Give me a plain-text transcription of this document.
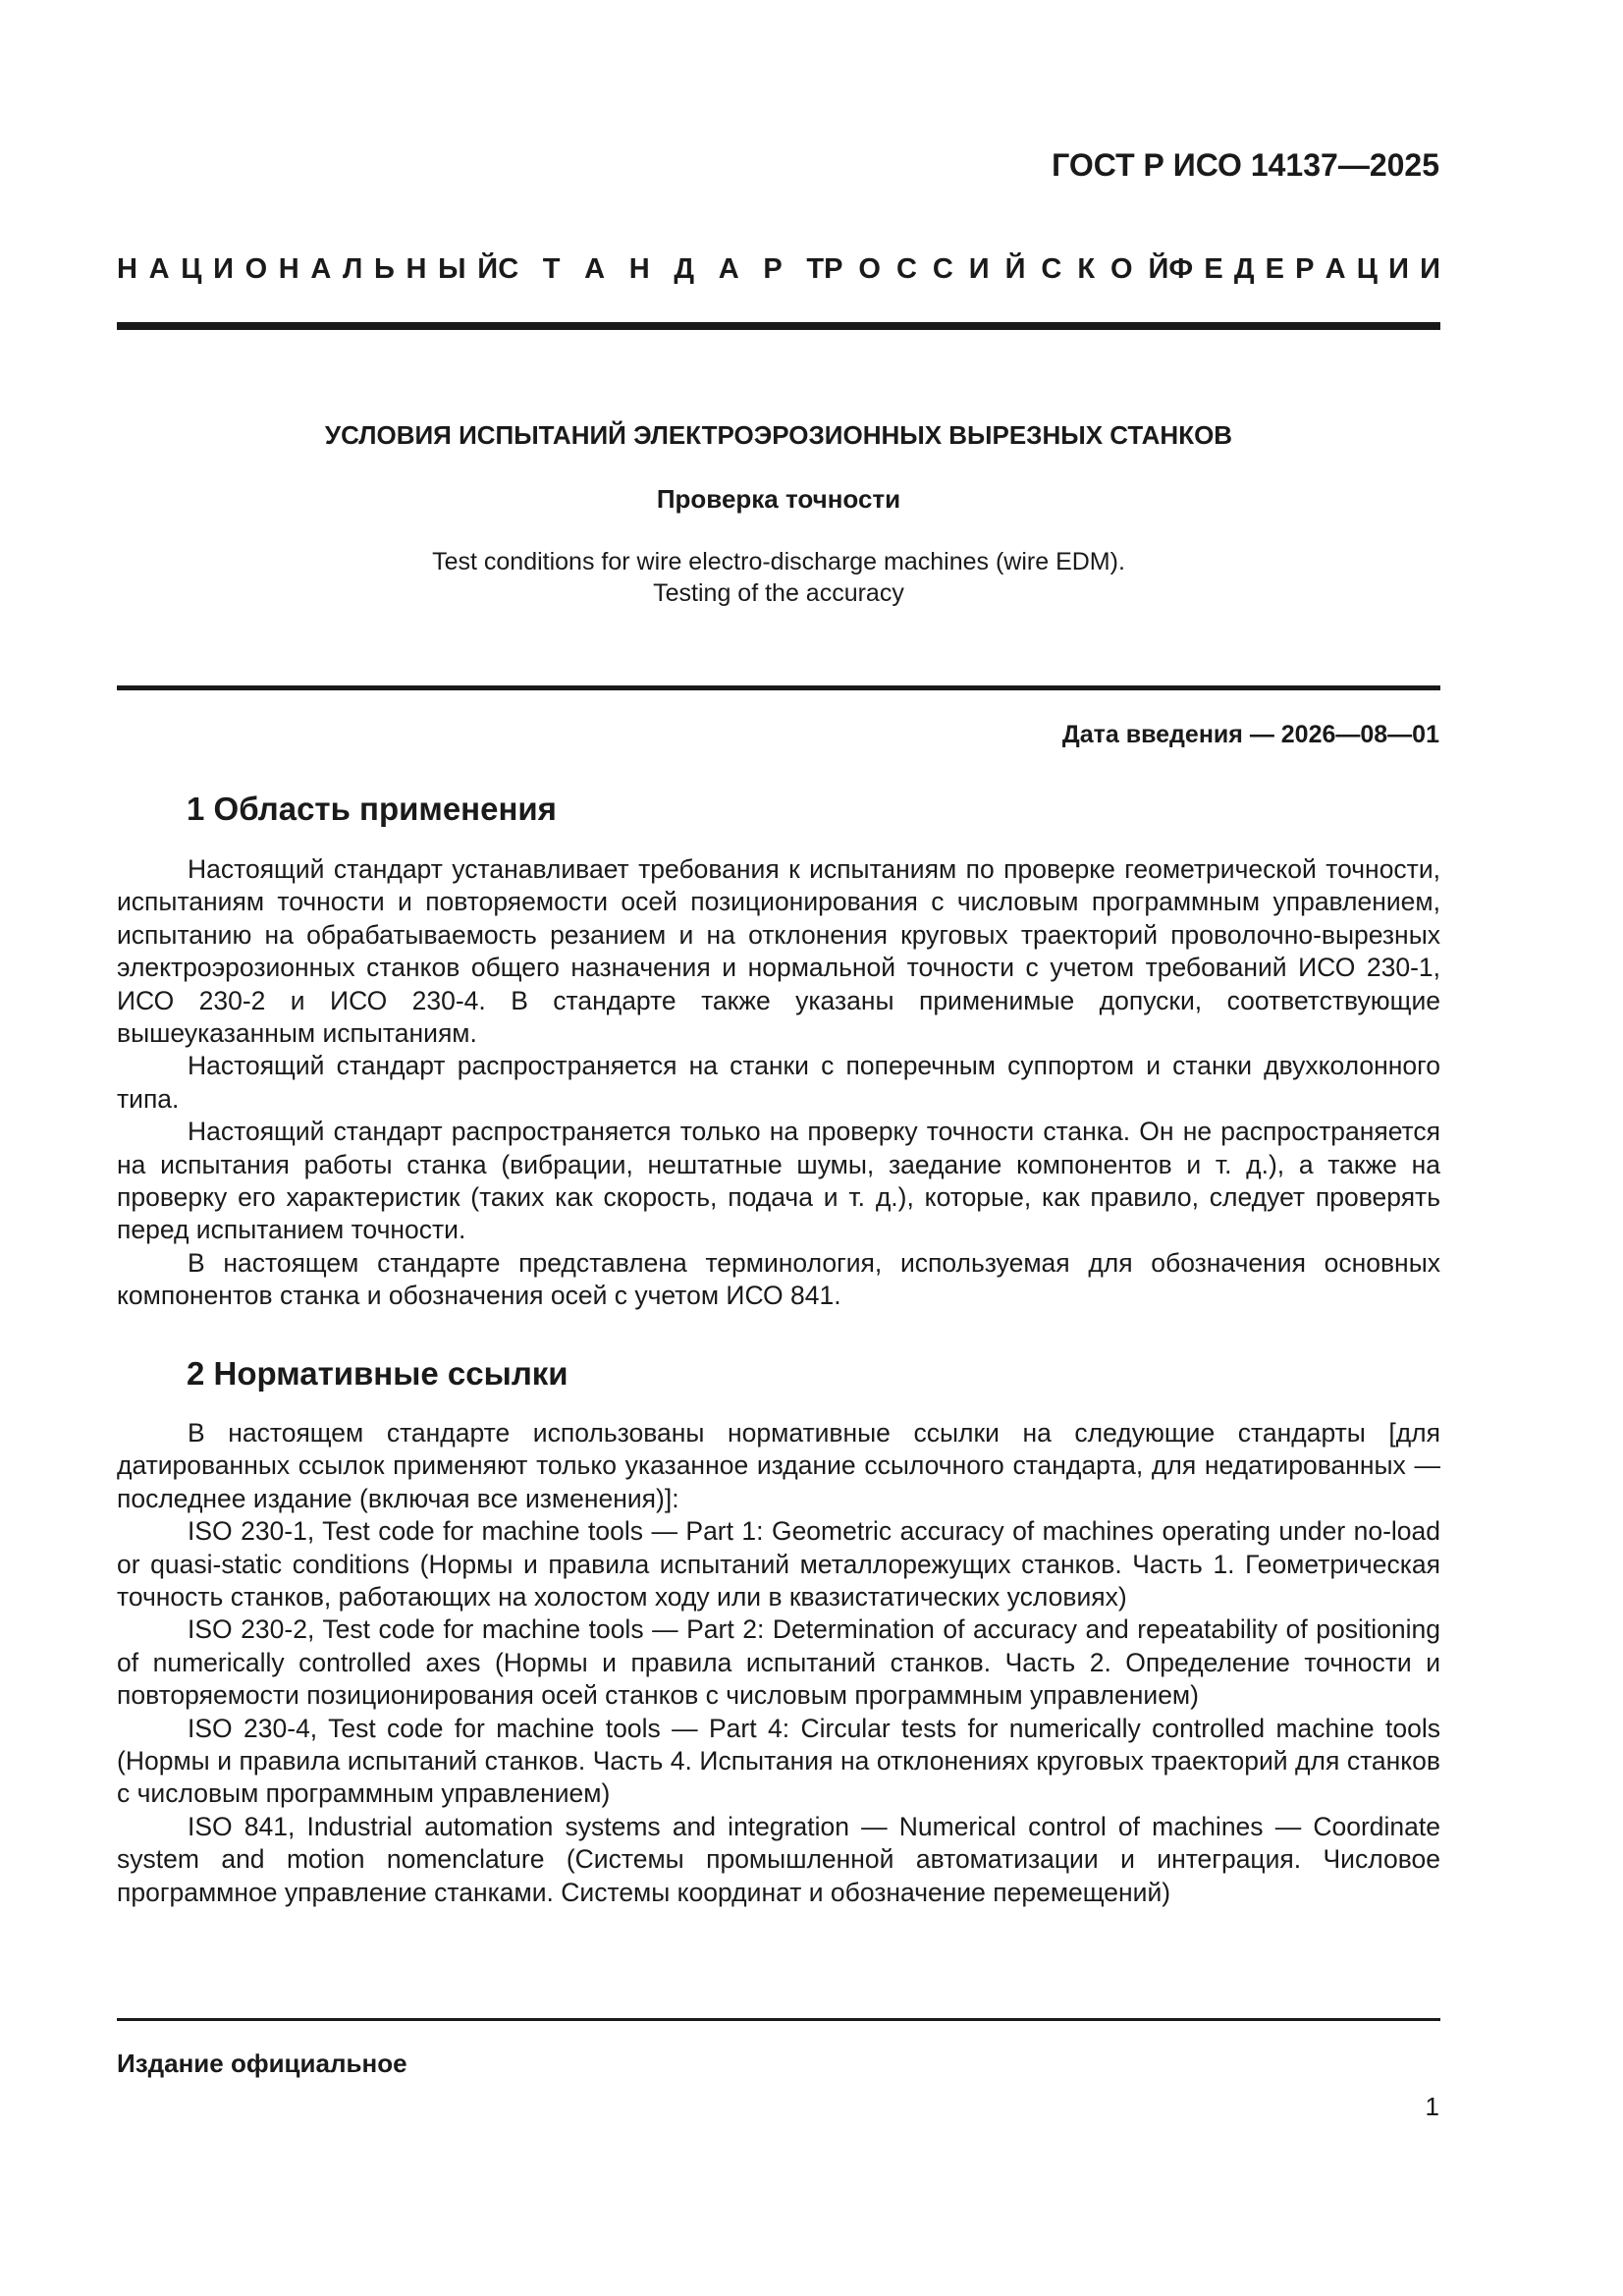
ГОСТ Р ИСО 14137—2025
Н А Ц И О Н А Л Ь Н Ы Й С Т А Н Д А Р Т Р О С С И Й С К О Й Ф Е Д Е Р А Ц И И
УСЛОВИЯ ИСПЫТАНИЙ ЭЛЕКТРОЭРОЗИОННЫХ ВЫРЕЗНЫХ СТАНКОВ
Проверка точности
Test conditions for wire electro-discharge machines (wire EDM).
Testing of the accuracy
Дата введения — 2026—08—01
1 Область применения

Настоящий стандарт устанавливает требования к испытаниям по проверке геометрической точности, испытаниям точности и повторяемости осей позиционирования с числовым программным управлением, испытанию на обрабатываемость резанием и на отклонения круговых траекторий проволочно-вырезных электроэрозионных станков общего назначения и нормальной точности с учетом требований ИСО 230-1, ИСО 230-2 и ИСО 230-4. В стандарте также указаны применимые допуски, соответствующие вышеуказанным испытаниям.

Настоящий стандарт распространяется на станки с поперечным суппортом и станки двухколонного типа.

Настоящий стандарт распространяется только на проверку точности станка. Он не распространяется на испытания работы станка (вибрации, нештатные шумы, заедание компонентов и т. д.), а также на проверку его характеристик (таких как скорость, подача и т. д.), которые, как правило, следует проверять перед испытанием точности.

В настоящем стандарте представлена терминология, используемая для обозначения основных компонентов станка и обозначения осей с учетом ИСО 841.

2 Нормативные ссылки

В настоящем стандарте использованы нормативные ссылки на следующие стандарты [для датированных ссылок применяют только указанное издание ссылочного стандарта, для недатированных — последнее издание (включая все изменения)]:

ISO 230-1, Test code for machine tools — Part 1: Geometric accuracy of machines operating under no-load or quasi-static conditions (Нормы и правила испытаний металлорежущих станков. Часть 1. Геометрическая точность станков, работающих на холостом ходу или в квазистатических условиях)

ISO 230-2, Test code for machine tools — Part 2: Determination of accuracy and repeatability of positioning of numerically controlled axes (Нормы и правила испытаний станков. Часть 2. Определение точности и повторяемости позиционирования осей станков с числовым программным управлением)

ISO 230-4, Test code for machine tools — Part 4: Circular tests for numerically controlled machine tools (Нормы и правила испытаний станков. Часть 4. Испытания на отклонениях круговых траекторий для станков с числовым программным управлением)

ISO 841, Industrial automation systems and integration — Numerical control of machines — Coordinate system and motion nomenclature (Системы промышленной автоматизации и интеграция. Числовое программное управление станками. Системы координат и обозначение перемещений)

Издание официальное
1
